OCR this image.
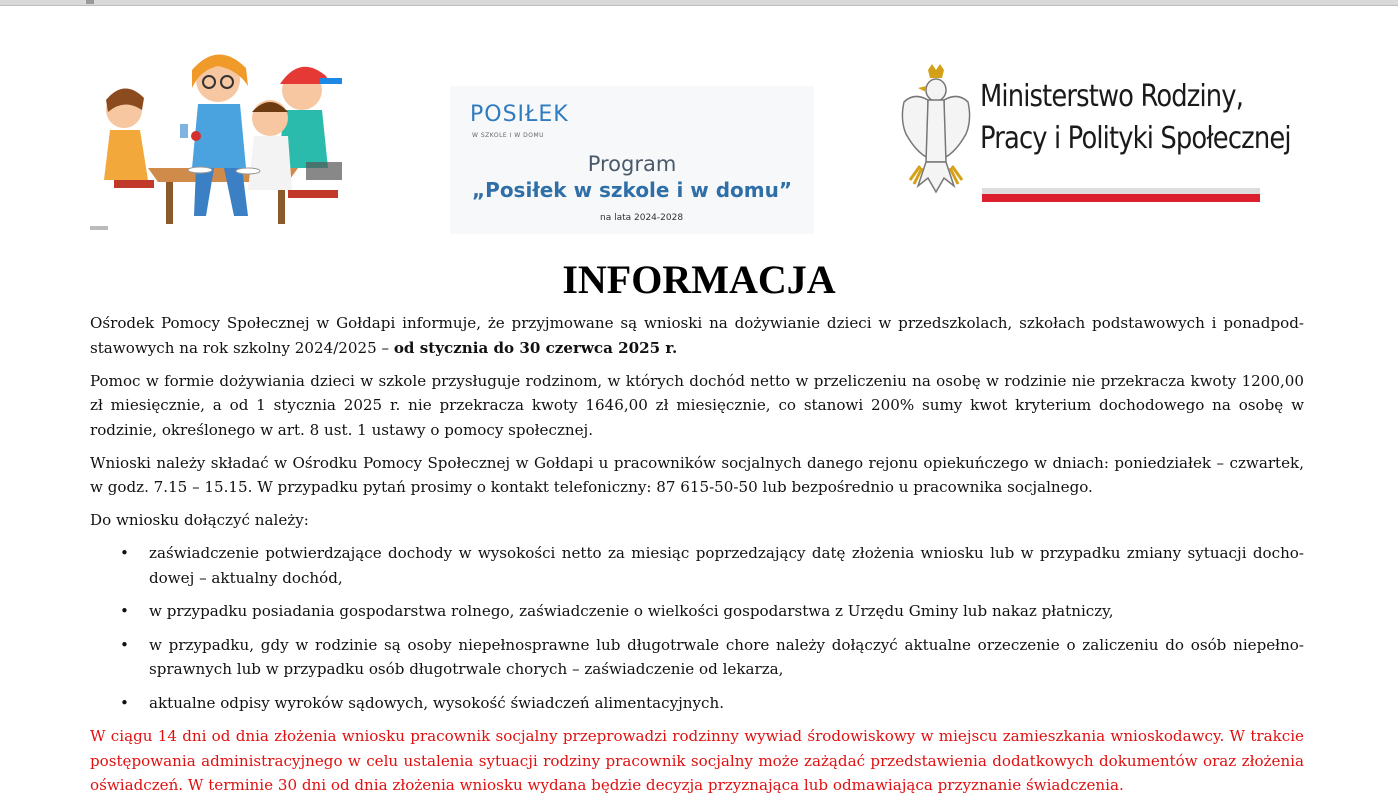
POSIŁEK
W SZKOLE I W DOMU
Program
„Posiłek w szkole i w domu”
na lata 2024-2028
Ministerstwo Rodziny,
Pracy i Polityki Społecznej
INFORMACJA

Ośrodek Pomocy Społecznej w Gołdapi informuje, że przyjmowane są wnioski na dożywianie dzieci w przedszkolach, szkołach podstawowych i ponadpodstawowych na rok szkolny 2024/2025 – od stycznia do 30 czerwca 2025 r.

Pomoc w formie dożywiania dzieci w szkole przysługuje rodzinom, w których dochód netto w przeliczeniu na osobę w rodzinie nie przekracza kwoty 1200,00 zł miesięcznie, a od 1 stycznia 2025 r. nie przekracza kwoty 1646,00 zł miesięcznie, co stanowi 200% sumy kwot kryterium dochodowego na osobę w rodzinie, określonego w art. 8 ust. 1 ustawy o pomocy społecznej.

Wnioski należy składać w Ośrodku Pomocy Społecznej w Gołdapi u pracowników socjalnych danego rejonu opiekuńczego w dniach: poniedziałek – czwartek, w godz. 7.15 – 15.15. W przypadku pytań prosimy o kontakt telefoniczny: 87 615-50-50 lub bezpośrednio u pracownika socjalnego.

Do wniosku dołączyć należy:

• zaświadczenie potwierdzające dochody w wysokości netto za miesiąc poprzedzający datę złożenia wniosku lub w przypadku zmiany sytuacji dochodowej – aktualny dochód,
• w przypadku posiadania gospodarstwa rolnego, zaświadczenie o wielkości gospodarstwa z Urzędu Gminy lub nakaz płatniczy,
• w przypadku, gdy w rodzinie są osoby niepełnosprawne lub długotrwale chore należy dołączyć aktualne orzeczenie o zaliczeniu do osób niepełnosprawnych lub w przypadku osób długotrwale chorych – zaświadczenie od lekarza,
• aktualne odpisy wyroków sądowych, wysokość świadczeń alimentacyjnych.

W ciągu 14 dni od dnia złożenia wniosku pracownik socjalny przeprowadzi rodzinny wywiad środowiskowy w miejscu zamieszkania wnioskodawcy. W trakcie postępowania administracyjnego w celu ustalenia sytuacji rodziny pracownik socjalny może zażądać przedstawienia dodatkowych dokumentów oraz złożenia oświadczeń. W terminie 30 dni od dnia złożenia wniosku wydana będzie decyzja przyznająca lub odmawiająca przyznanie świadczenia.
